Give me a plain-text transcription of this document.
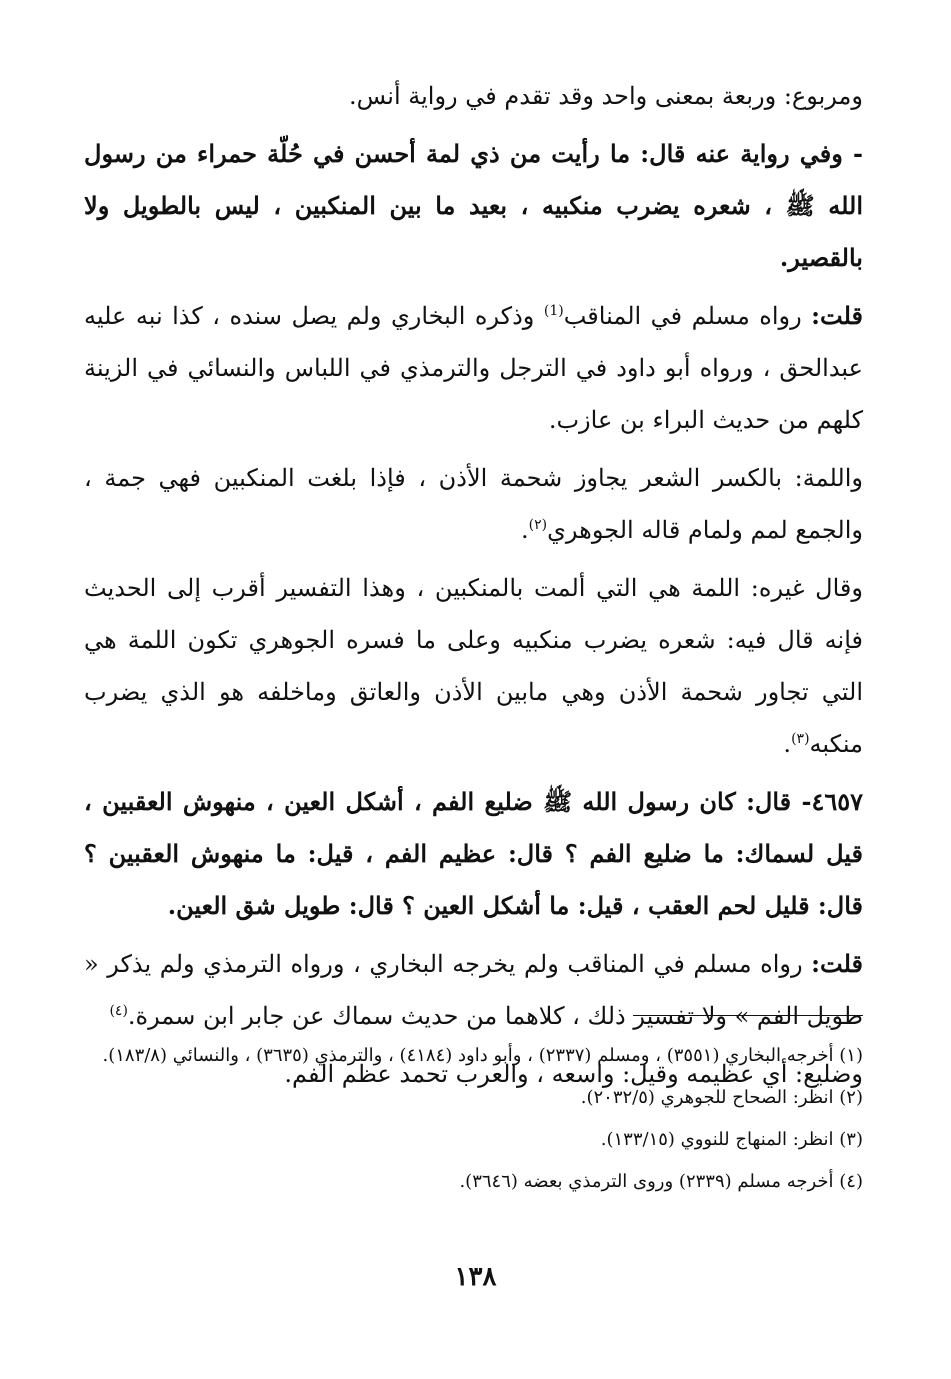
ومربوع: وربعة بمعنى واحد وقد تقدم في رواية أنس.

- وفي رواية عنه قال: ما رأيت من ذي لمة أحسن في حُلّة حمراء من رسول الله ﷺ ، شعره يضرب منكبيه ، بعيد ما بين المنكبين ، ليس بالطويل ولا بالقصير.

قلت: رواه مسلم في المناقب$^{(1)}$ وذكره البخاري ولم يصل سنده ، كذا نبه عليه عبدالحق ، ورواه أبو داود في الترجل والترمذي في اللباس والنسائي في الزينة كلهم من حديث البراء بن عازب.

واللمة: بالكسر الشعر يجاوز شحمة الأذن ، فإذا بلغت المنكبين فهي جمة ، والجمع لمم ولمام قاله الجوهري$^{(٢)}$.

وقال غيره: اللمة هي التي ألمت بالمنكبين ، وهذا التفسير أقرب إلى الحديث فإنه قال فيه: شعره يضرب منكبيه وعلى ما فسره الجوهري تكون اللمة هي التي تجاور شحمة الأذن وهي مابين الأذن والعاتق وماخلفه هو الذي يضرب منكبه$^{(٣)}$.

٤٦٥٧- قال: كان رسول الله ﷺ ضليع الفم ، أشكل العين ، منهوش العقبين ، قيل لسماك: ما ضليع الفم ؟ قال: عظيم الفم ، قيل: ما منهوش العقبين ؟ قال: قليل لحم العقب ، قيل: ما أشكل العين ؟ قال: طويل شق العين.

قلت: رواه مسلم في المناقب ولم يخرجه البخاري ، ورواه الترمذي ولم يذكر « طويل الفم » ولا تفسير ذلك ، كلاهما من حديث سماك عن جابر ابن سمرة.$^{(٤)}$

وضليع: أي عظيمه وقيل: واسعه ، والعرب تحمد عظم الفم.

(١) أخرجه البخاري (٣٥٥١) ، ومسلم (٢٣٣٧) ، وأبو داود (٤١٨٤) ، والترمذي (٣٦٣٥) ، والنسائي (١٨٣/٨).

(٢) انظر: الصحاح للجوهري (٢٠٣٢/٥).

(٣) انظر: المنهاج للنووي (١٣٣/١٥).

(٤) أخرجه مسلم (٢٣٣٩) وروى الترمذي بعضه (٣٦٤٦).

١٣٨
